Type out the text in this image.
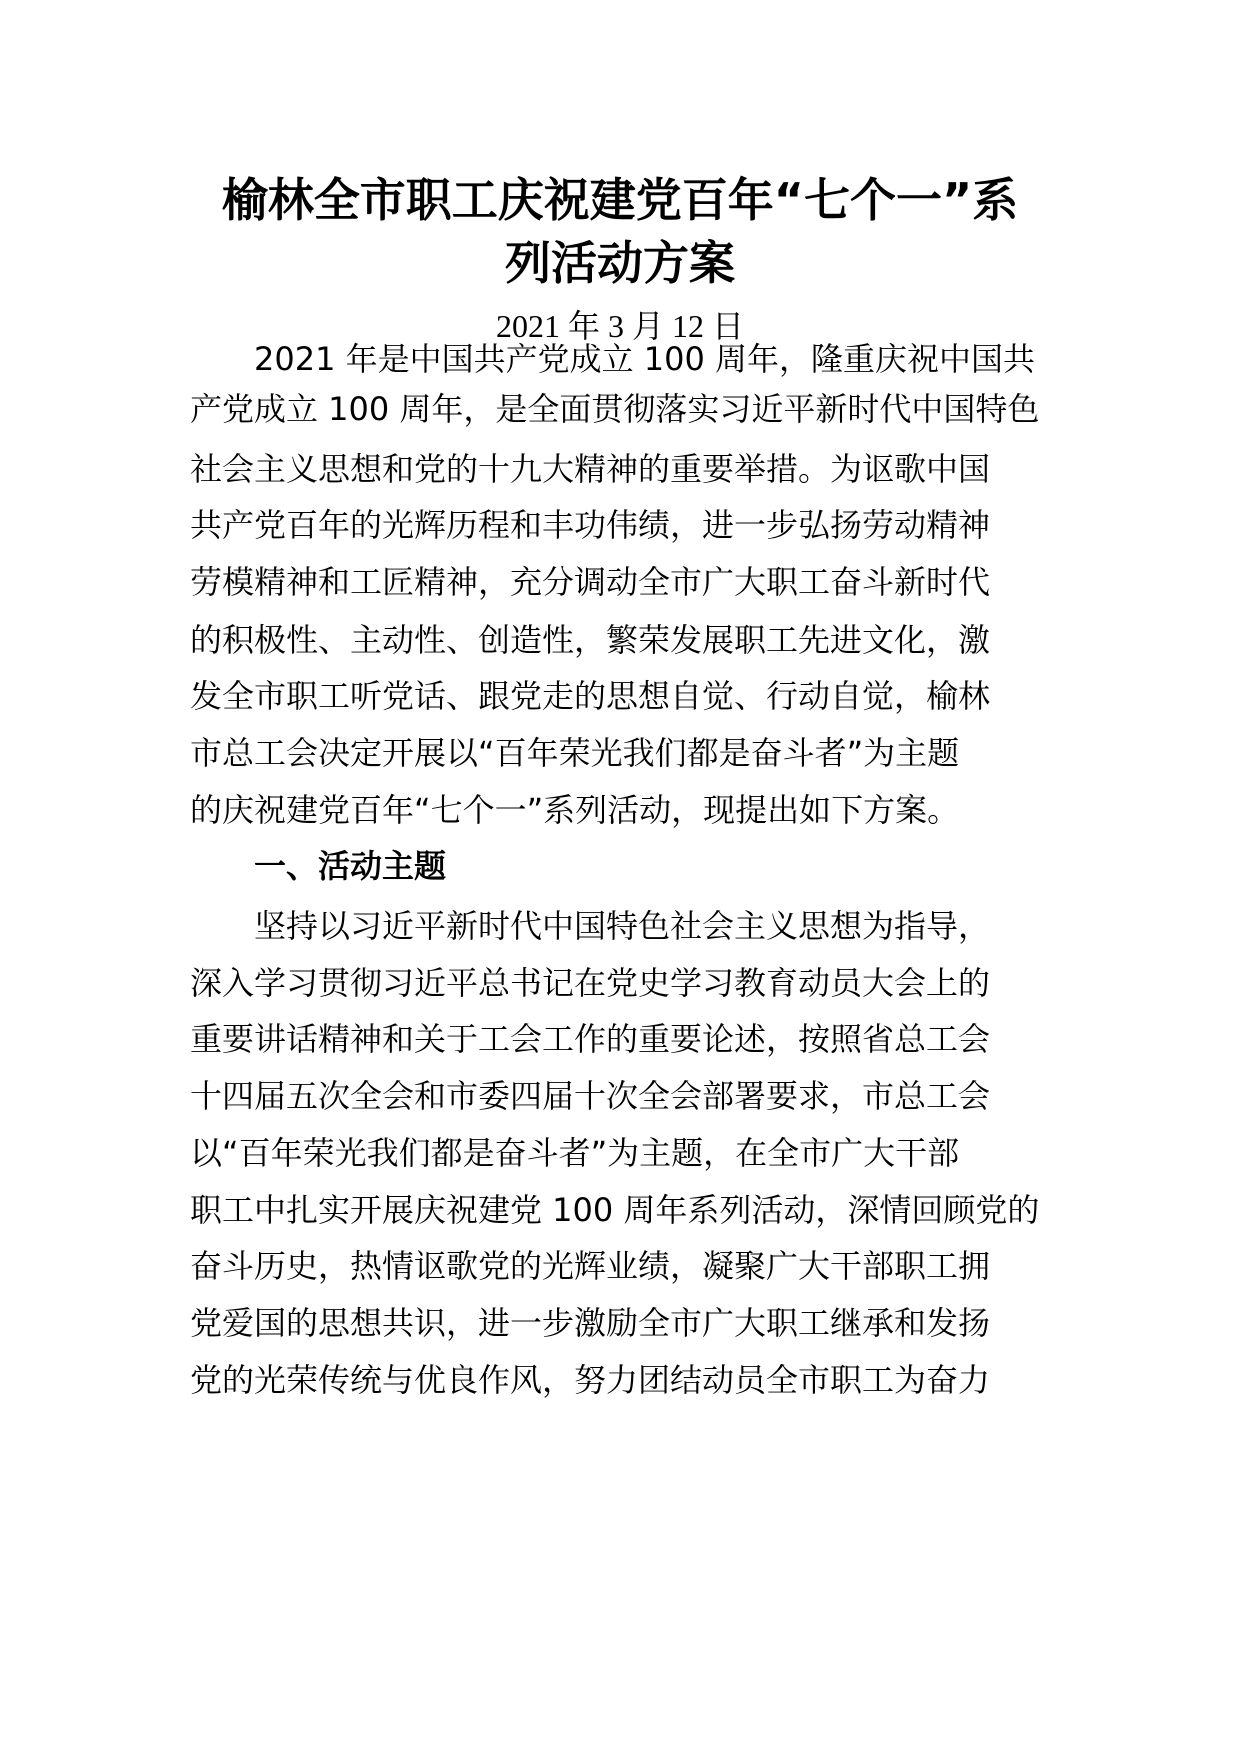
榆林全市职工庆祝建党百年“七个一”系
列活动方案
2021 年 3 月 12 日
2021 年是中国共产党成立 100 周年，隆重庆祝中国共
产党成立 100 周年，是全面贯彻落实习近平新时代中国特色
社会主义思想和党的十九大精神的重要举措。为讴歌中国
共产党百年的光辉历程和丰功伟绩，进一步弘扬劳动精神
劳模精神和工匠精神，充分调动全市广大职工奋斗新时代
的积极性、主动性、创造性，繁荣发展职工先进文化，激
发全市职工听党话、跟党走的思想自觉、行动自觉，榆林
市总工会决定开展以“百年荣光我们都是奋斗者”为主题
的庆祝建党百年“七个一”系列活动，现提出如下方案。
一、活动主题
坚持以习近平新时代中国特色社会主义思想为指导，
深入学习贯彻习近平总书记在党史学习教育动员大会上的
重要讲话精神和关于工会工作的重要论述，按照省总工会
十四届五次全会和市委四届十次全会部署要求，市总工会
以“百年荣光我们都是奋斗者”为主题，在全市广大干部
职工中扎实开展庆祝建党 100 周年系列活动，深情回顾党的
奋斗历史，热情讴歌党的光辉业绩，凝聚广大干部职工拥
党爱国的思想共识，进一步激励全市广大职工继承和发扬
党的光荣传统与优良作风，努力团结动员全市职工为奋力
